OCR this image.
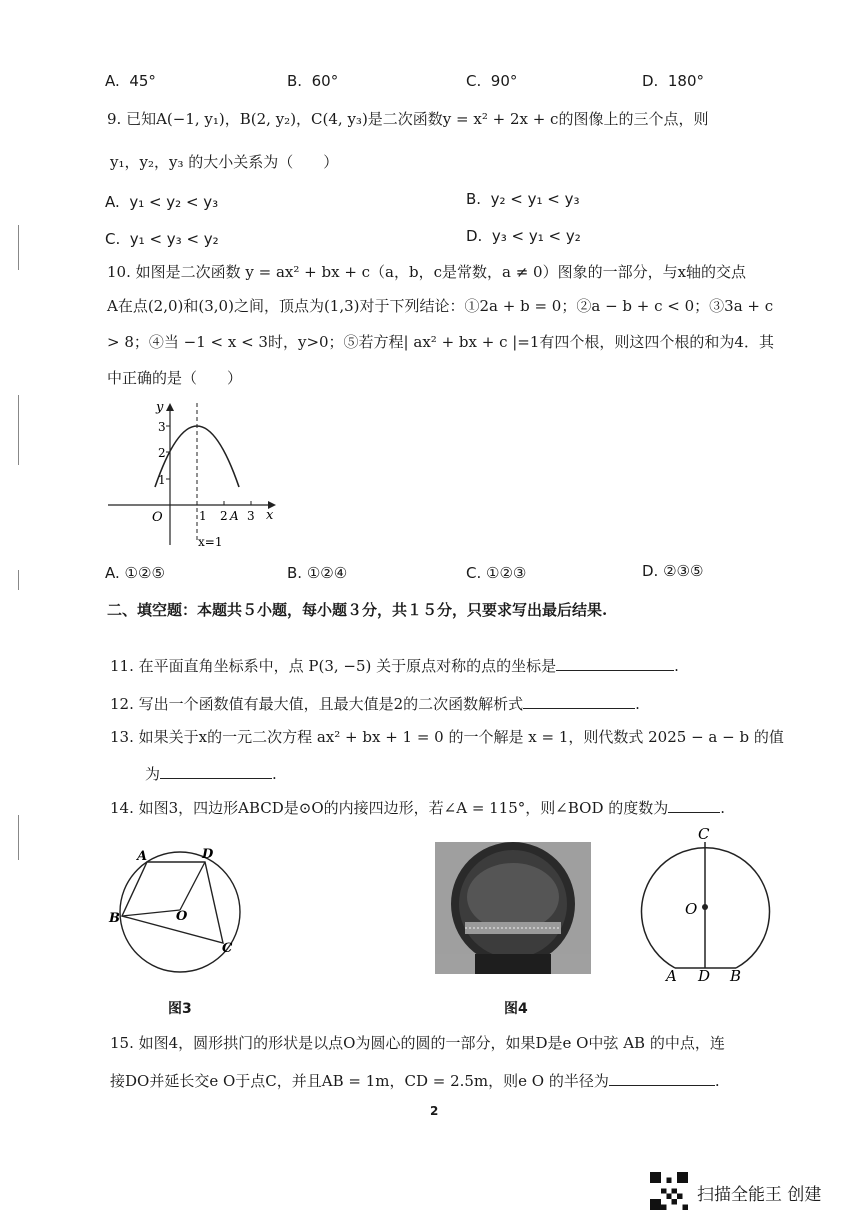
A. 45°	B. 60°	C. 90°	D. 180°
9. 已知A(−1, y₁)，B(2, y₂)，C(4, y₃)是二次函数y = x² + 2x + c的图像上的三个点，则
y₁，y₂，y₃ 的大小关系为（　　）
A. y₁ < y₂ < y₃	B. y₂ < y₁ < y₃
C. y₁ < y₃ < y₂	D. y₃ < y₁ < y₂
10. 如图是二次函数 y = ax² + bx + c（a，b，c是常数，a ≠ 0）图象的一部分，与x轴的交点
A在点(2,0)和(3,0)之间，顶点为(1,3)对于下列结论：①2a + b = 0；②a − b + c < 0；③3a + c
> 8；④当 −1 < x < 3时，y>0；⑤若方程| ax² + bx + c |=1有四个根，则这四个根的和为4．其
中正确的是（　　）
y
x
O
3
2
1
1 2 A 3
x=1
A. ①②⑤	B. ①②④	C. ①②③	D. ②③⑤
二、填空题：本题共５小题，每小题３分，共１５分，只要求写出最后结果.
11. 在平面直角坐标系中，点 P(3, −5) 关于原点对称的点的坐标是	.
12. 写出一个函数值有最大值，且最大值是2的二次函数解析式	.
13. 如果关于x的一元二次方程 ax² + bx + 1 = 0 的一个解是 x = 1，则代数式 2025 − a − b 的值
为	.
14. 如图3，四边形ABCD是⊙O的内接四边形，若∠A = 115°，则∠BOD 的度数为	.
A	D
B	O
C
图3	图4
C
O
A D B
15. 如图4，圆形拱门的形状是以点O为圆心的圆的一部分，如果D是e O中弦 AB 的中点，连
接DO并延长交e O于点C，并且AB = 1m，CD = 2.5m，则e O 的半径为	.
2
扫描全能王 创建
